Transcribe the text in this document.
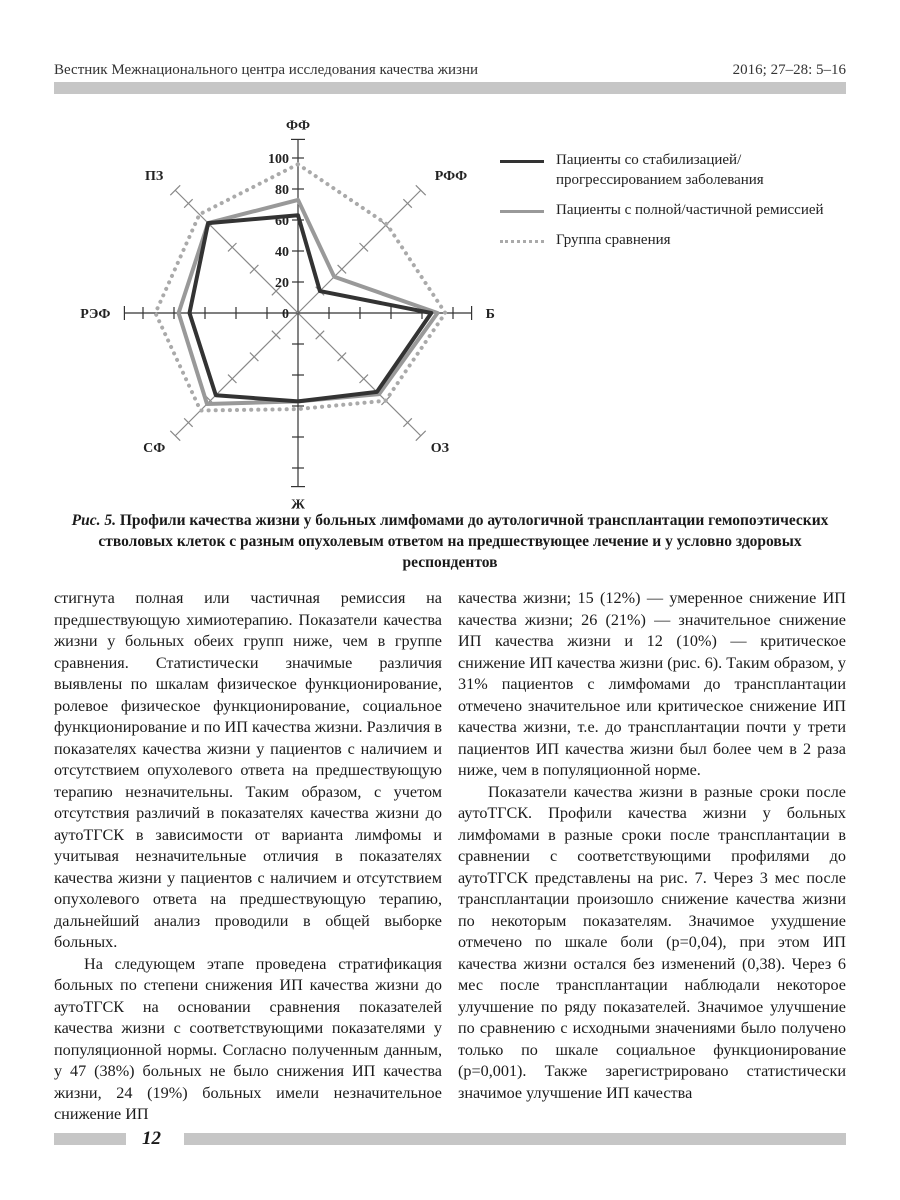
Вестник Межнационального центра исследования качества жизни	2016; 27–28: 5–16
0
20
40
60
80
100
ФФ
РФФ
Б
ОЗ
Ж
СФ
РЭФ
ПЗ
Пациенты со стабилизацией/ прогрессированием заболевания
Пациенты с полной/частичной ремиссией
Группа сравнения
Рис. 5. Профили качества жизни у больных лимфомами до аутологичной трансплантации гемопоэтических стволовых клеток с разным опухолевым ответом на предшествующее лечение и у условно здоровых респондентов

стигнута полная или частичная ремиссия на предшествующую химиотерапию. Показатели качества жизни у больных обеих групп ниже, чем в группе сравнения. Статистически значимые различия выявлены по шкалам физическое функционирование, ролевое физическое функционирование, социальное функционирование и по ИП качества жизни. Различия в показателях качества жизни у пациентов с наличием и отсутствием опухолевого ответа на предшествующую терапию незначительны. Таким образом, с учетом отсутствия различий в показателях качества жизни до аутоТГСК в зависимости от варианта лимфомы и учитывая незначительные отличия в показателях качества жизни у пациентов с наличием и отсутствием опухолевого ответа на предшествующую терапию, дальнейший анализ проводили в общей выборке больных.

На следующем этапе проведена стратификация больных по степени снижения ИП качества жизни до аутоТГСК на основании сравнения показателей качества жизни с соответствующими показателями у популяционной нормы. Согласно полученным данным, у 47 (38%) больных не было снижения ИП качества жизни, 24 (19%) больных имели незначительное снижение ИП

качества жизни; 15 (12%) — умеренное снижение ИП качества жизни; 26 (21%) — значительное снижение ИП качества жизни и 12 (10%) — критическое снижение ИП качества жизни (рис. 6). Таким образом, у 31% пациентов с лимфомами до трансплантации отмечено значительное или критическое снижение ИП качества жизни, т.е. до трансплантации почти у трети пациентов ИП качества жизни был более чем в 2 раза ниже, чем в популяционной норме.

Показатели качества жизни в разные сроки после аутоТГСК. Профили качества жизни у больных лимфомами в разные сроки после трансплантации в сравнении с соответствующими профилями до аутоТГСК представлены на рис. 7. Через 3 мес после трансплантации произошло снижение качества жизни по некоторым показателям. Значимое ухудшение отмечено по шкале боли (p=0,04), при этом ИП качества жизни остался без изменений (0,38). Через 6 мес после трансплантации наблюдали некоторое улучшение по ряду показателей. Значимое улучшение по сравнению с исходными значениями было получено только по шкале социальное функционирование (p=0,001). Также зарегистрировано статистически значимое улучшение ИП качества

12
